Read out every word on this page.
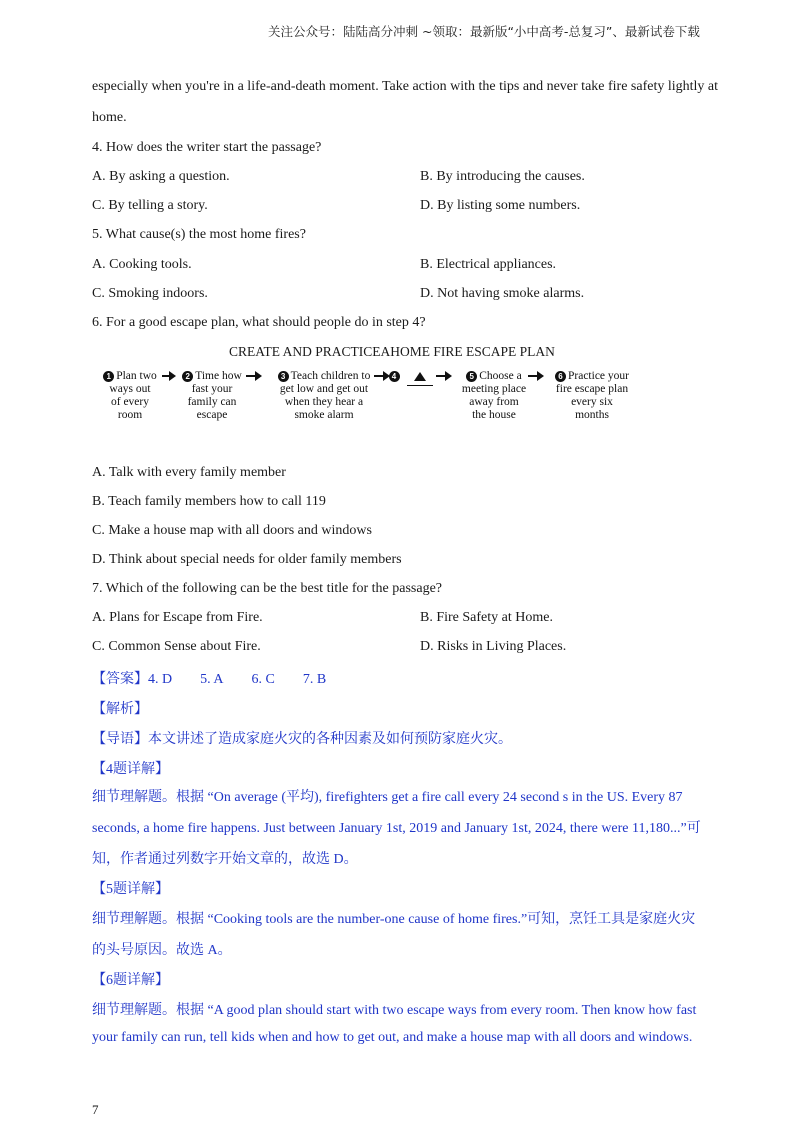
关注公众号：陆陆高分冲刺 ~领取：最新版“小中高考-总复习”、最新试卷下载
especially when you're in a life-and-death moment. Take action with the tips and never take fire safety lightly at
home.
4. How does the writer start the passage?
A. By asking a question.	B. By introducing the causes.
C. By telling a story.	D. By listing some numbers.
5. What cause(s) the most home fires?
A. Cooking tools.	B. Electrical appliances.
C. Smoking indoors.	D. Not having smoke alarms.
6. For a good escape plan, what should people do in step 4?
CREATE AND PRACTICEAHOME FIRE ESCAPE PLAN
1 Plan two
ways out
of every
room
2 Time how
fast your
family can
escape
3 Teach children to
get low and get out
when they hear a
smoke alarm
4	5 Choose a
meeting place
away from
the house
6 Practice your
fire escape plan
every six
months
A. Talk with every family member
B. Teach family members how to call 119
C. Make a house map with all doors and windows
D. Think about special needs for older family members
7. Which of the following can be the best title for the passage?
A. Plans for Escape from Fire.	B. Fire Safety at Home.
C. Common Sense about Fire.	D. Risks in Living Places.
【答案】4. D 5. A 6. C 7. B
【解析】
【导语】本文讲述了造成家庭火灾的各种因素及如何预防家庭火灾。
【4题详解】
细节理解题。根据 “On average (平均), firefighters get a fire call every 24 second s in the US. Every 87
seconds, a home fire happens. Just between January 1st, 2019 and January 1st, 2024, there were 11,180...”可
知，作者通过列数字开始文章的，故选 D。
【5题详解】
细节理解题。根据 “Cooking tools are the number-one cause of home fires.”可知，烹饪工具是家庭火灾
的头号原因。故选 A。
【6题详解】
细节理解题。根据 “A good plan should start with two escape ways from every room. Then know how fast
your family can run, tell kids when and how to get out, and make a house map with all doors and windows.
7
